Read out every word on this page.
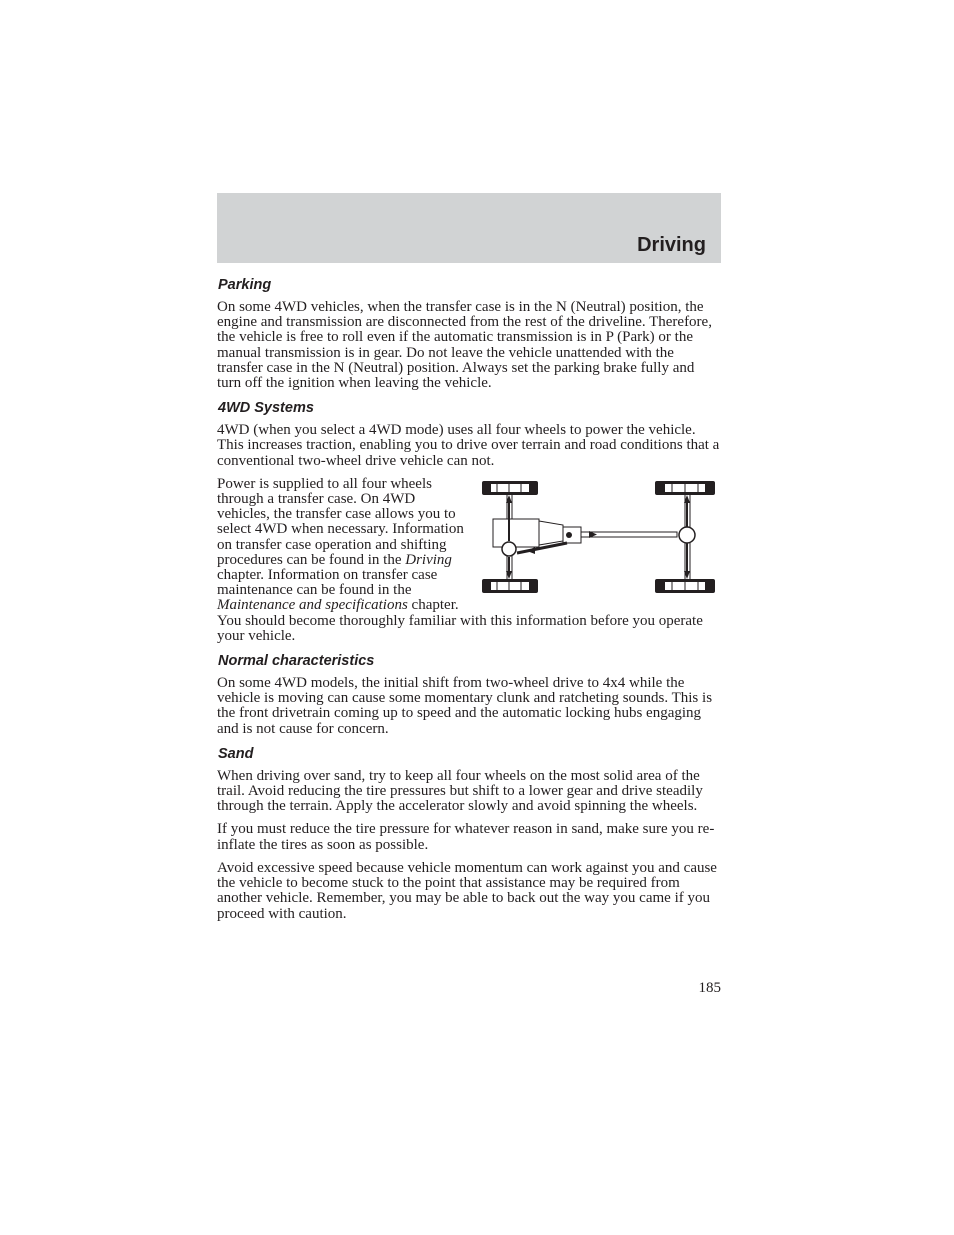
Driving
Parking

On some 4WD vehicles, when the transfer case is in the N (Neutral) position, the engine and transmission are disconnected from the rest of the driveline. Therefore, the vehicle is free to roll even if the automatic transmission is in P (Park) or the manual transmission is in gear. Do not leave the vehicle unattended with the transfer case in the N (Neutral) position. Always set the parking brake fully and turn off the ignition when leaving the vehicle.

4WD Systems

4WD (when you select a 4WD mode) uses all four wheels to power the vehicle. This increases traction, enabling you to drive over terrain and road conditions that a conventional two-wheel drive vehicle can not.

Power is supplied to all four wheels through a transfer case. On 4WD vehicles, the transfer case allows you to select 4WD when necessary. Information on transfer case operation and shifting procedures can be found in the Driving chapter. Information on transfer case maintenance can be found in the Maintenance and specifications chapter. You should become thoroughly familiar with this information before you operate your vehicle.

Normal characteristics

On some 4WD models, the initial shift from two-wheel drive to 4x4 while the vehicle is moving can cause some momentary clunk and ratcheting sounds. This is the front drivetrain coming up to speed and the automatic locking hubs engaging and is not cause for concern.

Sand

When driving over sand, try to keep all four wheels on the most solid area of the trail. Avoid reducing the tire pressures but shift to a lower gear and drive steadily through the terrain. Apply the accelerator slowly and avoid spinning the wheels.

If you must reduce the tire pressure for whatever reason in sand, make sure you re-inflate the tires as soon as possible.

Avoid excessive speed because vehicle momentum can work against you and cause the vehicle to become stuck to the point that assistance may be required from another vehicle. Remember, you may be able to back out the way you came if you proceed with caution.

185
